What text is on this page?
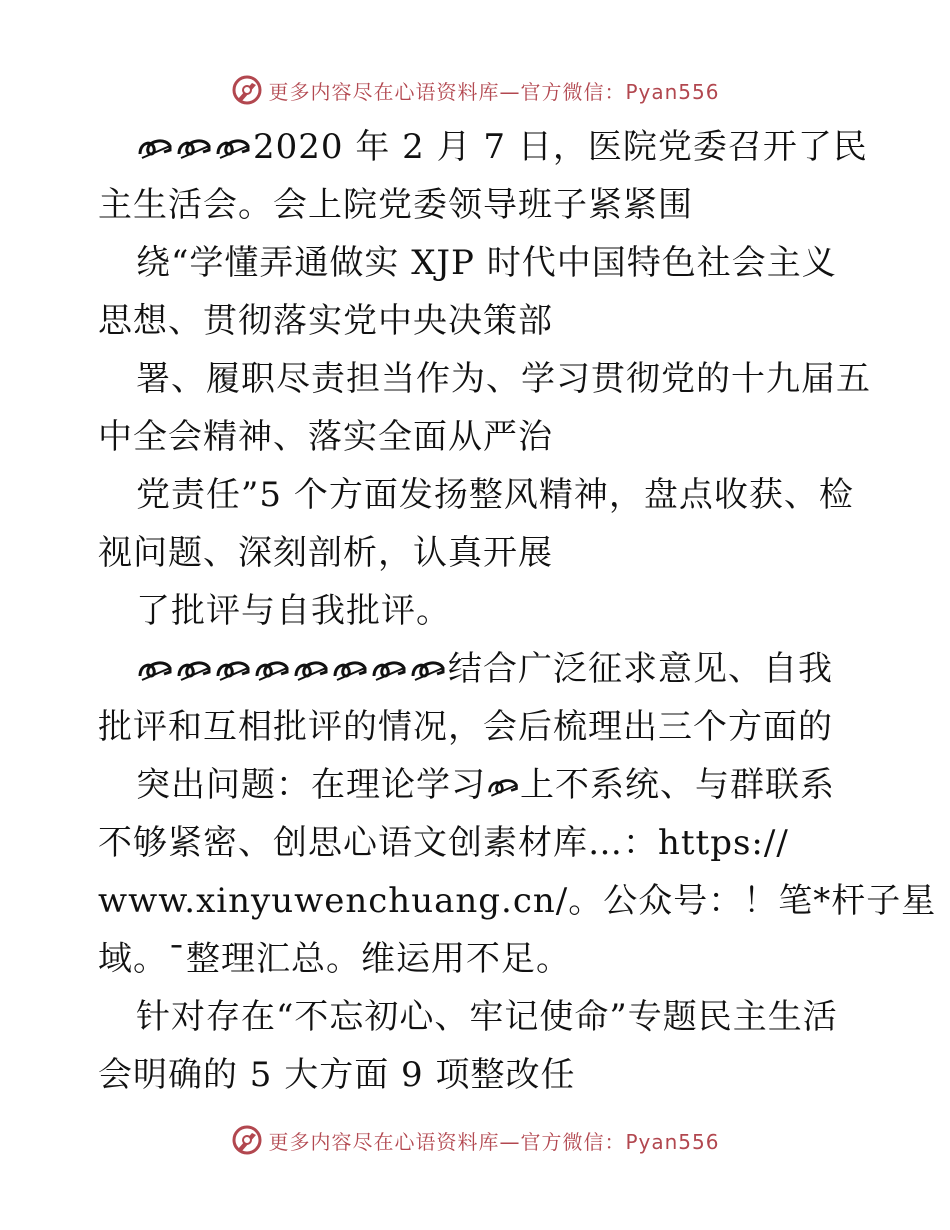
更多内容尽在心语资料库—官方微信：Pyan556
2020 年 2 月 7 日，医院党委召开了民
主生活会。会上院党委领导班子紧紧围
绕“学懂弄通做实 XJP 时代中国特色社会主义
思想、贯彻落实党中央决策部
署、履职尽责担当作为、学习贯彻党的十九届五
中全会精神、落实全面从严治
党责任”5 个方面发扬整风精神，盘点收获、检
视问题、深刻剖析，认真开展
了批评与自我批评。
结合广泛征求意见、自我
批评和互相批评的情况，会后梳理出三个方面的
突出问题：在理论学习 上不系统、与群联系
不够紧密、创思心语文创素材库…：https://
www.xinyuwenchuang.cn/。公众号：！笔*杆子星
域。¯整理汇总。维运用不足。
针对存在“不忘初心、牢记使命”专题民主生活
会明确的 5 大方面 9 项整改任
更多内容尽在心语资料库—官方微信：Pyan556
